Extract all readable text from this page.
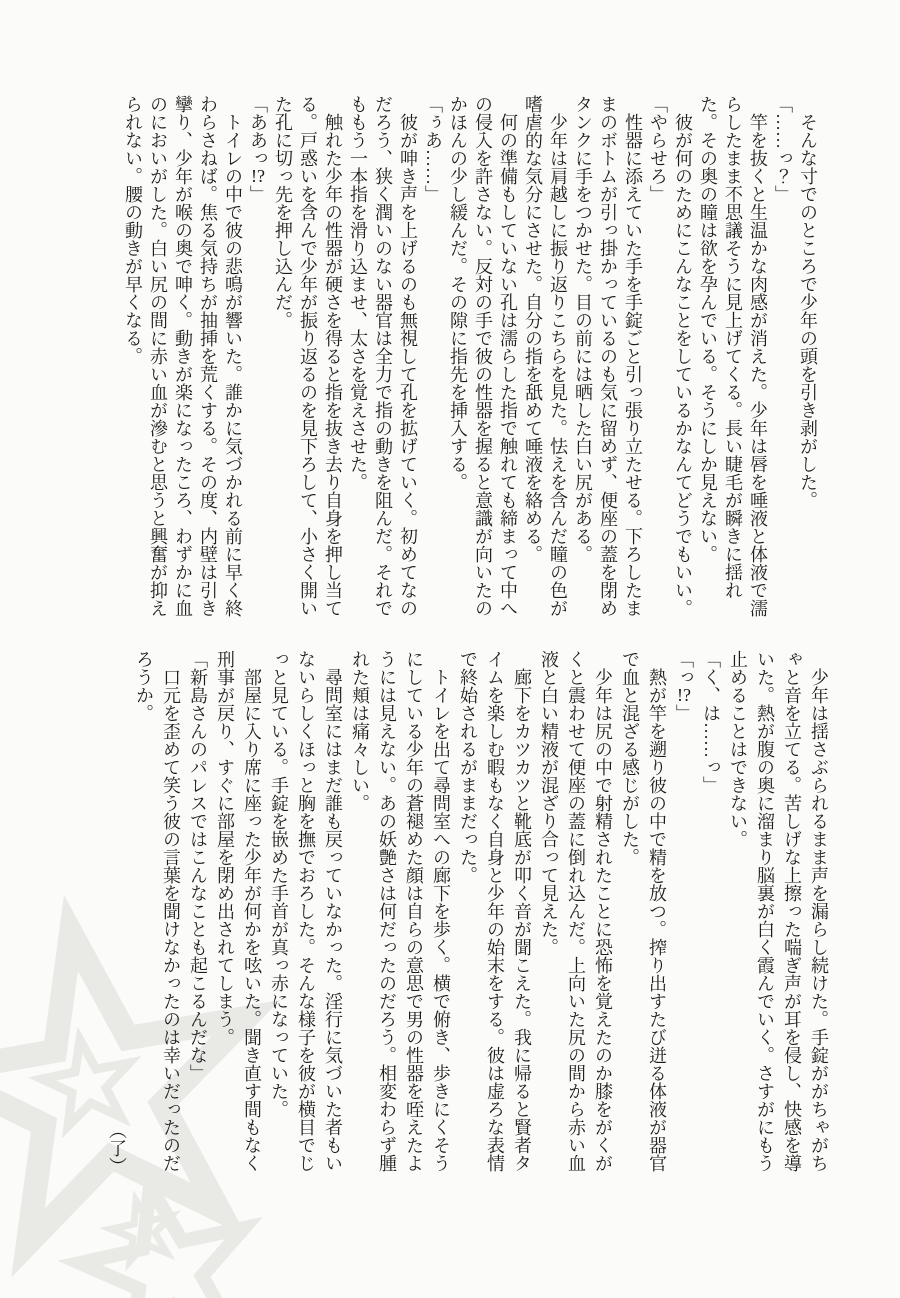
そんな寸でのところで少年の頭を引き剥がした。

「……っ？」

竿を抜くと生温かな肉感が消えた。少年は唇を唾液と体液で濡らしたまま不思議そうに見上げてくる。長い睫毛が瞬きに揺れた。その奥の瞳は欲を孕んでいる。そうにしか見えない。

彼が何のためにこんなことをしているかなんてどうでもいい。

「やらせろ」

性器に添えていた手を手錠ごと引っ張り立たせる。下ろしたままのボトムが引っ掛かっているのも気に留めず、便座の蓋を閉めタンクに手をつかせた。目の前には晒した白い尻がある。

少年は肩越しに振り返りこちらを見た。怯えを含んだ瞳の色が嗜虐的な気分にさせた。自分の指を舐めて唾液を絡める。

何の準備もしていない孔は濡らした指で触れても締まって中への侵入を許さない。反対の手で彼の性器を握ると意識が向いたのかほんの少し緩んだ。その隙に指先を挿入する。

「ぅあ……」

彼が呻き声を上げるのも無視して孔を拡げていく。初めてなのだろう、狭く潤いのない器官は全力で指の動きを阻んだ。それでももう一本指を滑り込ませ、太さを覚えさせた。

触れた少年の性器が硬さを得ると指を抜き去り自身を押し当てる。戸惑いを含んで少年が振り返るのを見下ろして、小さく開いた孔に切っ先を押し込んだ。

「ああっ!?」

トイレの中で彼の悲鳴が響いた。誰かに気づかれる前に早く終わらさねば。焦る気持ちが抽挿を荒くする。その度、内壁は引き攣り、少年が喉の奥で呻く。動きが楽になったころ、わずかに血のにおいがした。白い尻の間に赤い血が滲むと思うと興奮が抑えられない。腰の動きが早くなる。

少年は揺さぶられるまま声を漏らし続けた。手錠ががちゃがちゃと音を立てる。苦しげな上擦った喘ぎ声が耳を侵し、快感を導いた。熱が腹の奥に溜まり脳裏が白く霞んでいく。さすがにもう止めることはできない。

「く、は……っ」

「っ!?」

熱が竿を遡り彼の中で精を放つ。搾り出すたび迸る体液が器官で血と混ざる感じがした。

少年は尻の中で射精されたことに恐怖を覚えたのか膝をがくがくと震わせて便座の蓋に倒れ込んだ。上向いた尻の間から赤い血液と白い精液が混ざり合って見えた。

廊下をカツカツと靴底が叩く音が聞こえた。我に帰ると賢者タイムを楽しむ暇もなく自身と少年の始末をする。彼は虚ろな表情で終始されるがままだった。

トイレを出て尋問室への廊下を歩く。横で俯き、歩きにくそうにしている少年の蒼褪めた顔は自らの意思で男の性器を咥えたようには見えない。あの妖艶さは何だったのだろう。相変わらず腫れた頬は痛々しい。

尋問室にはまだ誰も戻っていなかった。淫行に気づいた者もいないらしくほっと胸を撫でおろした。そんな様子を彼が横目でじっと見ている。手錠を嵌めた手首が真っ赤になっていた。

部屋に入り席に座った少年が何かを呟いた。聞き直す間もなく刑事が戻り、すぐに部屋を閉め出されてしまう。

「新島さんのパレスではこんなことも起こるんだな」

口元を歪めて笑う彼の言葉を聞けなかったのは幸いだったのだろうか。

（了）
